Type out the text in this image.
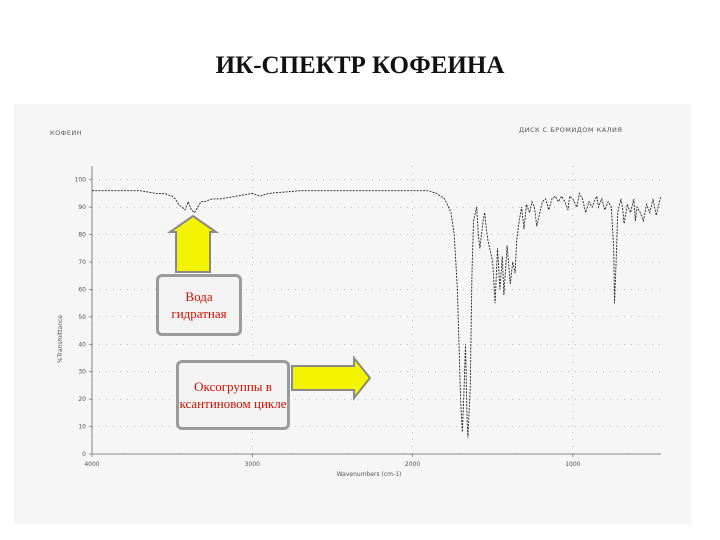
ИК-СПЕКТР КОФЕИНА
КОФЕИН	ДИСК С БРОМИДОМ КАЛИЯ
%Transmittance
Wavenumbers (cm-1)
0
10
20
30
40
50
60
70
80
90
100
4000	3000	2000	1000
Вода гидратная
Оксогруппы в ксантиновом цикле
